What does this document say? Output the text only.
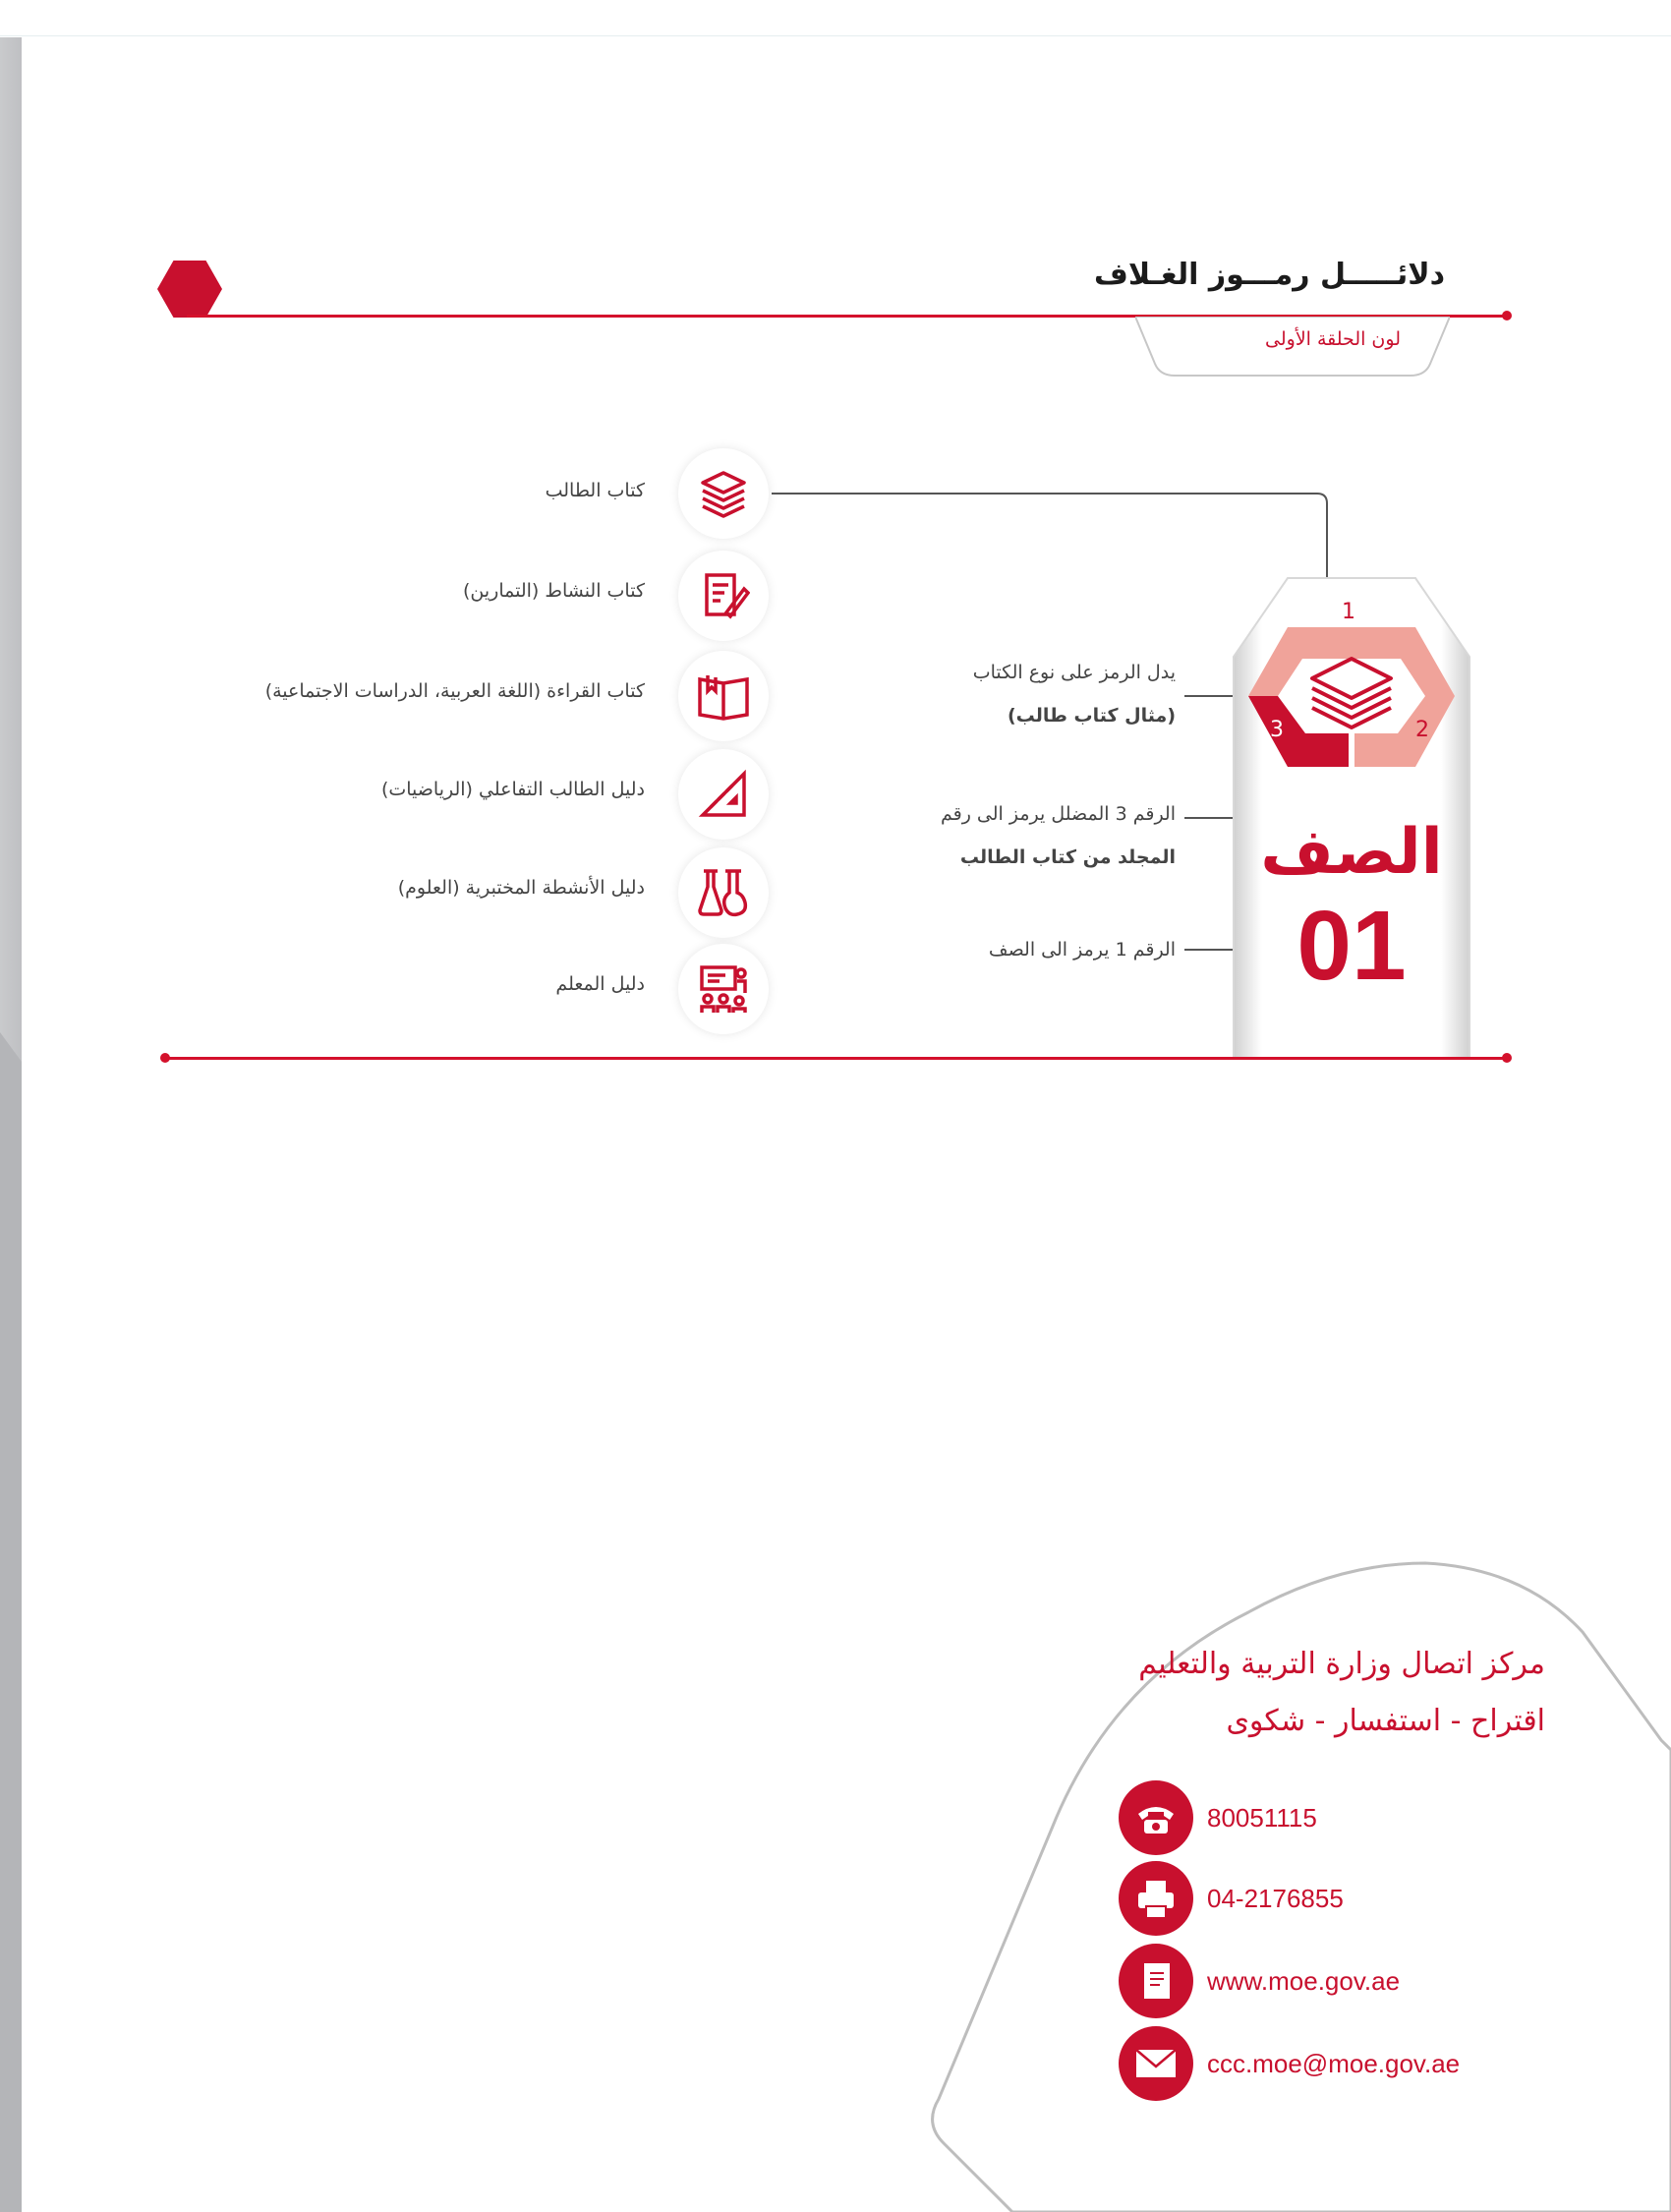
دلائـــــل رمـــوز الغـلاف
لون الحلقة الأولى
كتاب الطالب
كتاب النشاط (التمارين)
كتاب القراءة (اللغة العربية، الدراسات الاجتماعية)
دليل الطالب التفاعلي (الرياضيات)
دليل الأنشطة المختبرية (العلوم)
دليل المعلم
يدل الرمز على نوع الكتاب
(مثال كتاب طالب)
الرقم 3 المضلل يرمز الى رقم
المجلد من كتاب الطالب
الرقم 1 يرمز الى الصف
1
2
3
الصف
01
مركز اتصال وزارة التربية والتعليم
اقتراح - استفسار - شكوى
80051115
04-2176855
www.moe.gov.ae
ccc.moe@moe.gov.ae
